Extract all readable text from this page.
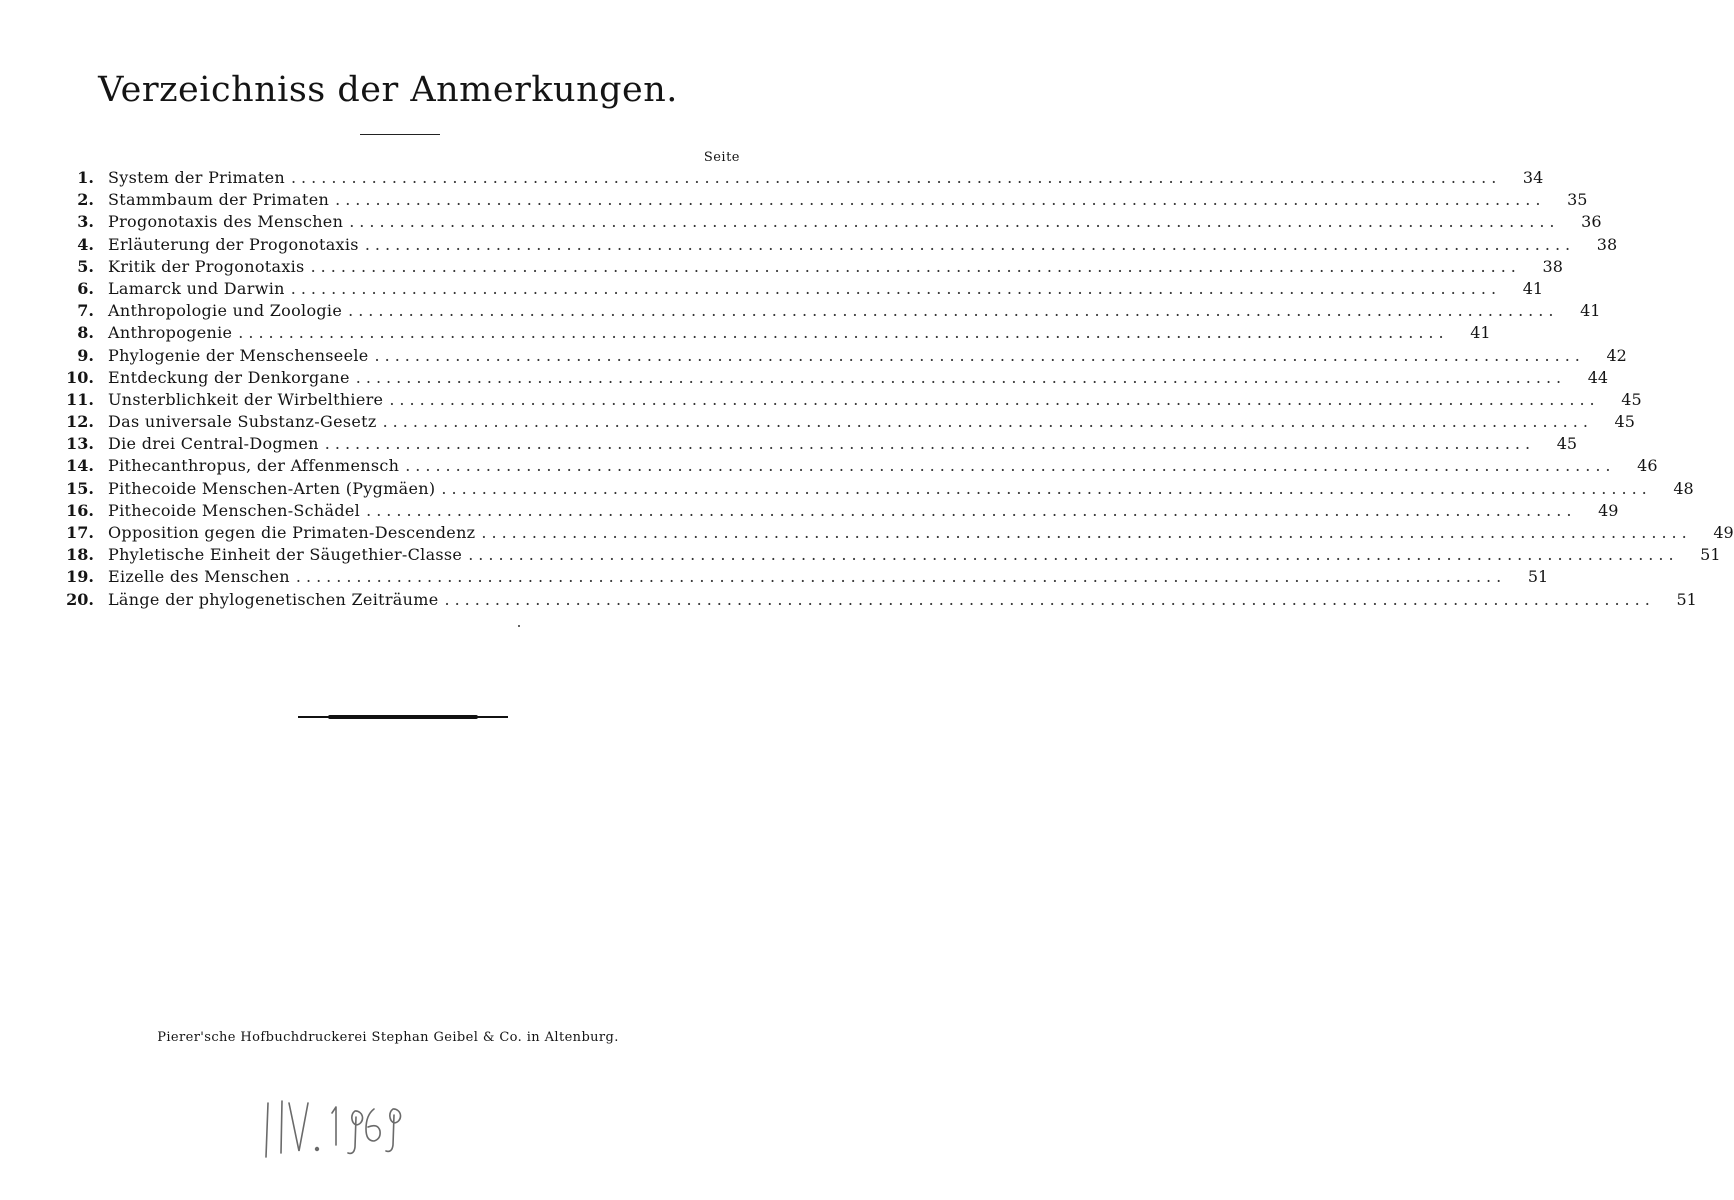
Verzeichniss der Anmerkungen.
Seite
1. System der Primaten ........................................................................................................................	34
2. Stammbaum der Primaten ........................................................................................................................	35
3. Progonotaxis des Menschen ........................................................................................................................	36
4. Erläuterung der Progonotaxis ........................................................................................................................	38
5. Kritik der Progonotaxis ........................................................................................................................	38
6. Lamarck und Darwin ........................................................................................................................	41
7. Anthropologie und Zoologie ........................................................................................................................	41
8. Anthropogenie ........................................................................................................................	41
9. Phylogenie der Menschenseele ........................................................................................................................	42
10. Entdeckung der Denkorgane ........................................................................................................................	44
11. Unsterblichkeit der Wirbelthiere ........................................................................................................................	45
12. Das universale Substanz-Gesetz ........................................................................................................................	45
13. Die drei Central-Dogmen ........................................................................................................................	45
14. Pithecanthropus, der Affenmensch ........................................................................................................................	46
15. Pithecoide Menschen-Arten (Pygmäen) ........................................................................................................................	48
16. Pithecoide Menschen-Schädel ........................................................................................................................	49
17. Opposition gegen die Primaten-Descendenz ........................................................................................................................	49
18. Phyletische Einheit der Säugethier-Classe ........................................................................................................................	51
19. Eizelle des Menschen ........................................................................................................................	51
20. Länge der phylogenetischen Zeiträume ........................................................................................................................	51
Pierer'sche Hofbuchdruckerei Stephan Geibel & Co. in Altenburg.
